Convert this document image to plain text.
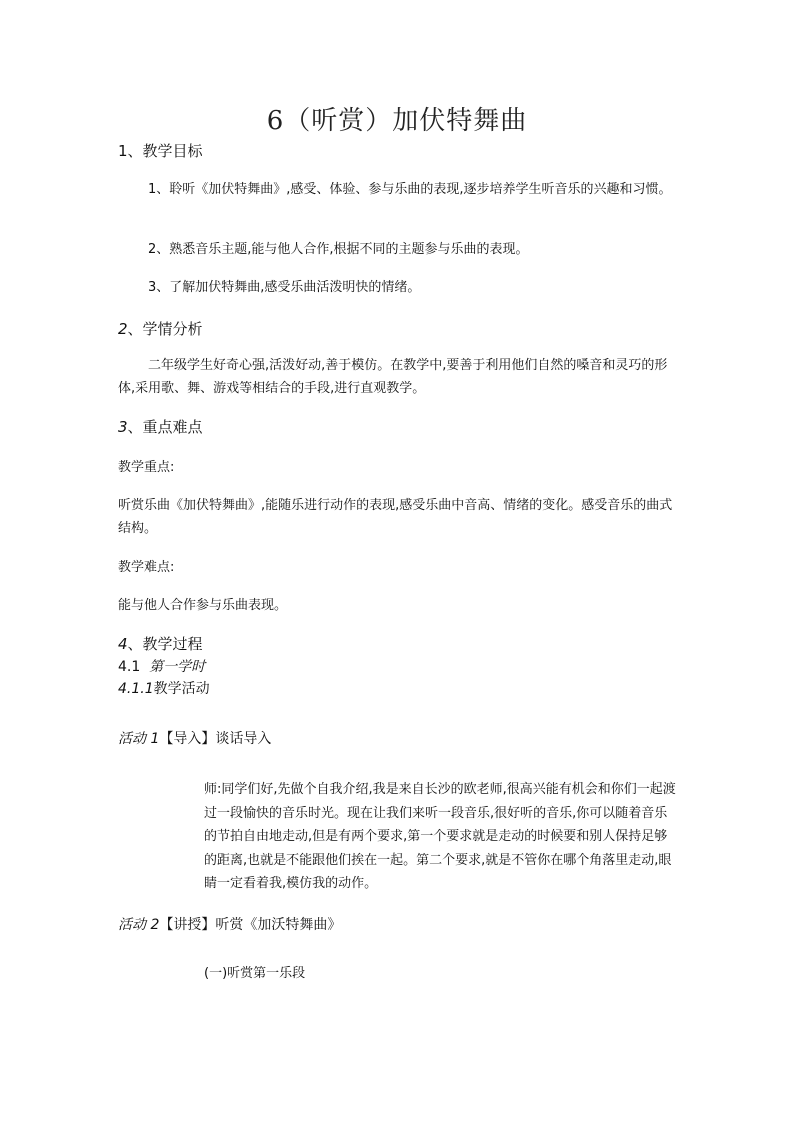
6（听赏）加伏特舞曲
1、教学目标
1、聆听《加伏特舞曲》,感受、体验、参与乐曲的表现,逐步培养学生听音乐的兴趣和习惯。
2、熟悉音乐主题,能与他人合作,根据不同的主题参与乐曲的表现。
3、了解加伏特舞曲,感受乐曲活泼明快的情绪。
2、学情分析
二年级学生好奇心强,活泼好动,善于模仿。在教学中,要善于利用他们自然的嗓音和灵巧的形体,采用歌、舞、游戏等相结合的手段,进行直观教学。
3、重点难点
教学重点:
听赏乐曲《加伏特舞曲》,能随乐进行动作的表现,感受乐曲中音高、情绪的变化。感受音乐的曲式结构。
教学难点:
能与他人合作参与乐曲表现。
4、教学过程
4.1 第一学时
4.1.1教学活动
活动 1【导入】谈话导入
师:同学们好,先做个自我介绍,我是来自长沙的欧老师,很高兴能有机会和你们一起渡过一段愉快的音乐时光。现在让我们来听一段音乐,很好听的音乐,你可以随着音乐的节拍自由地走动,但是有两个要求,第一个要求就是走动的时候要和别人保持足够的距离,也就是不能跟他们挨在一起。第二个要求,就是不管你在哪个角落里走动,眼睛一定看着我,模仿我的动作。
活动 2【讲授】听赏《加沃特舞曲》
(一)听赏第一乐段
